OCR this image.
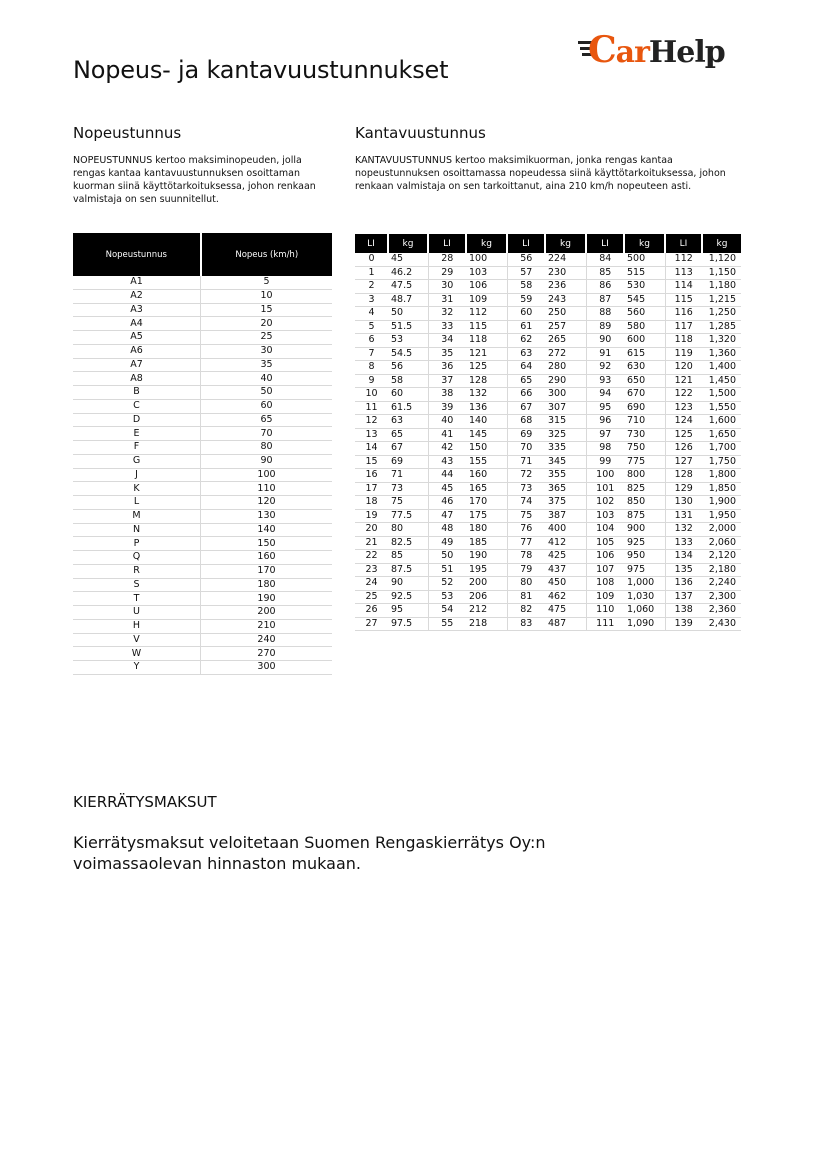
Nopeus- ja kantavuustunnukset	CarHelp
Nopeustunnus
NOPEUSTUNNUS kertoo maksiminopeuden, jolla rengas kantaa kantavuustunnuksen osoittaman kuorman siinä käyttötarkoituksessa, johon renkaan valmistaja on sen suunnitellut.
Kantavuustunnus
KANTAVUUSTUNNUS kertoo maksimikuorman, jonka rengas kantaa nopeustunnuksen osoittamassa nopeudessa siinä käyttötarkoituksessa, johon renkaan valmistaja on sen tarkoittanut, aina 210 km/h nopeuteen asti.
Nopeustunnus	Nopeus (km/h)
A1	5
A2	10
A3	15
A4	20
A5	25
A6	30
A7	35
A8	40
B	50
C	60
D	65
E	70
F	80
G	90
J	100
K	110
L	120
M	130
N	140
P	150
Q	160
R	170
S	180
T	190
U	200
H	210
V	240
W	270
Y	300
LI	kg	LI	kg	LI	kg	LI	kg	LI	kg
0	45	28	100	56	224	84	500	112	1,120
1	46.2	29	103	57	230	85	515	113	1,150
2	47.5	30	106	58	236	86	530	114	1,180
3	48.7	31	109	59	243	87	545	115	1,215
4	50	32	112	60	250	88	560	116	1,250
5	51.5	33	115	61	257	89	580	117	1,285
6	53	34	118	62	265	90	600	118	1,320
7	54.5	35	121	63	272	91	615	119	1,360
8	56	36	125	64	280	92	630	120	1,400
9	58	37	128	65	290	93	650	121	1,450
10	60	38	132	66	300	94	670	122	1,500
11	61.5	39	136	67	307	95	690	123	1,550
12	63	40	140	68	315	96	710	124	1,600
13	65	41	145	69	325	97	730	125	1,650
14	67	42	150	70	335	98	750	126	1,700
15	69	43	155	71	345	99	775	127	1,750
16	71	44	160	72	355	100	800	128	1,800
17	73	45	165	73	365	101	825	129	1,850
18	75	46	170	74	375	102	850	130	1,900
19	77.5	47	175	75	387	103	875	131	1,950
20	80	48	180	76	400	104	900	132	2,000
21	82.5	49	185	77	412	105	925	133	2,060
22	85	50	190	78	425	106	950	134	2,120
23	87.5	51	195	79	437	107	975	135	2,180
24	90	52	200	80	450	108	1,000	136	2,240
25	92.5	53	206	81	462	109	1,030	137	2,300
26	95	54	212	82	475	110	1,060	138	2,360
27	97.5	55	218	83	487	111	1,090	139	2,430
KIERRÄTYSMAKSUT
Kierrätysmaksut veloitetaan Suomen Rengaskierrätys Oy:n voimassaolevan hinnaston mukaan.
